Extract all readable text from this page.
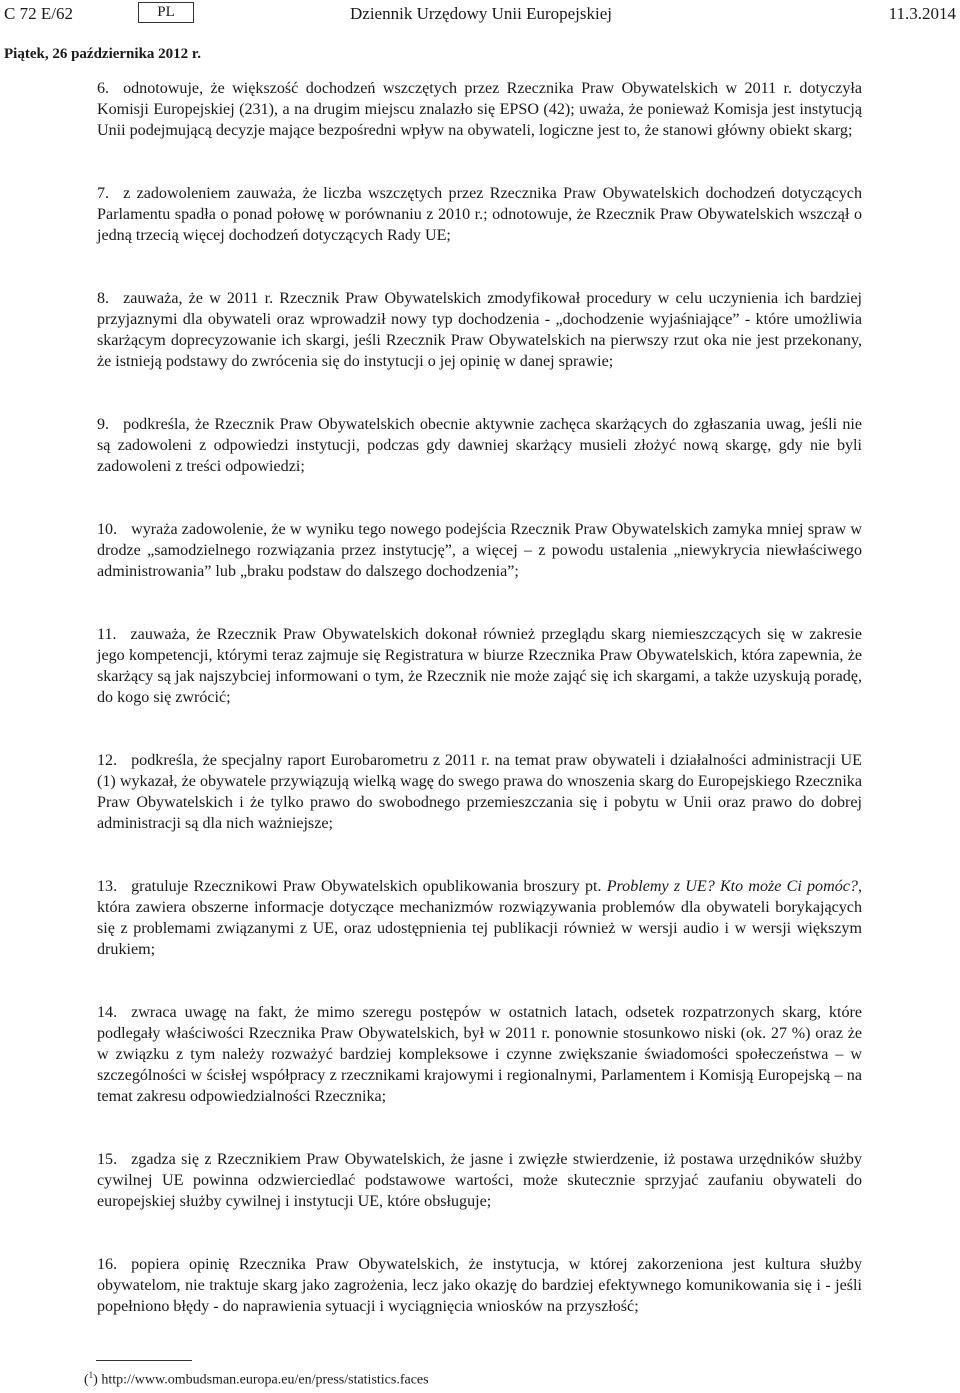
C 72 E/62	PL	Dziennik Urzędowy Unii Europejskiej	11.3.2014
Piątek, 26 października 2012 r.

6. odnotowuje, że większość dochodzeń wszczętych przez Rzecznika Praw Obywatelskich w 2011 r. dotyczyła Komisji Europejskiej (231), a na drugim miejscu znalazło się EPSO (42); uważa, że ponieważ Komisja jest instytucją Unii podejmującą decyzje mające bezpośredni wpływ na obywateli, logiczne jest to, że stanowi główny obiekt skarg;

7. z zadowoleniem zauważa, że liczba wszczętych przez Rzecznika Praw Obywatelskich dochodzeń dotyczących Parlamentu spadła o ponad połowę w porównaniu z 2010 r.; odnotowuje, że Rzecznik Praw Obywatelskich wszczął o jedną trzecią więcej dochodzeń dotyczących Rady UE;

8. zauważa, że w 2011 r. Rzecznik Praw Obywatelskich zmodyfikował procedury w celu uczynienia ich bardziej przyjaznymi dla obywateli oraz wprowadził nowy typ dochodzenia - „dochodzenie wyjaśniające” - które umożliwia skarżącym doprecyzowanie ich skargi, jeśli Rzecznik Praw Obywatelskich na pierwszy rzut oka nie jest przekonany, że istnieją podstawy do zwrócenia się do instytucji o jej opinię w danej sprawie;

9. podkreśla, że Rzecznik Praw Obywatelskich obecnie aktywnie zachęca skarżących do zgłaszania uwag, jeśli nie są zadowoleni z odpowiedzi instytucji, podczas gdy dawniej skarżący musieli złożyć nową skargę, gdy nie byli zadowoleni z treści odpowiedzi;

10. wyraża zadowolenie, że w wyniku tego nowego podejścia Rzecznik Praw Obywatelskich zamyka mniej spraw w drodze „samodzielnego rozwiązania przez instytucję”, a więcej – z powodu ustalenia „niewykrycia niewłaściwego administrowania” lub „braku podstaw do dalszego dochodzenia”;

11. zauważa, że Rzecznik Praw Obywatelskich dokonał również przeglądu skarg niemieszczących się w zakresie jego kompetencji, którymi teraz zajmuje się Registratura w biurze Rzecznika Praw Obywatelskich, która zapewnia, że skarżący są jak najszybciej informowani o tym, że Rzecznik nie może zająć się ich skargami, a także uzyskują poradę, do kogo się zwrócić;

12. podkreśla, że specjalny raport Eurobarometru z 2011 r. na temat praw obywateli i działalności administracji UE (1) wykazał, że obywatele przywiązują wielką wagę do swego prawa do wnoszenia skarg do Europejskiego Rzecznika Praw Obywatelskich i że tylko prawo do swobodnego przemieszczania się i pobytu w Unii oraz prawo do dobrej administracji są dla nich ważniejsze;

13. gratuluje Rzecznikowi Praw Obywatelskich opublikowania broszury pt. Problemy z UE? Kto może Ci pomóc?, która zawiera obszerne informacje dotyczące mechanizmów rozwiązywania problemów dla obywateli borykających się z problemami związanymi z UE, oraz udostępnienia tej publikacji również w wersji audio i w wersji większym drukiem;

14. zwraca uwagę na fakt, że mimo szeregu postępów w ostatnich latach, odsetek rozpatrzonych skarg, które podlegały właściwości Rzecznika Praw Obywatelskich, był w 2011 r. ponownie stosunkowo niski (ok. 27 %) oraz że w związku z tym należy rozważyć bardziej kompleksowe i czynne zwiększanie świadomości społeczeństwa – w szczególności w ścisłej współpracy z rzecznikami krajowymi i regionalnymi, Parlamentem i Komisją Europejską – na temat zakresu odpowiedzialności Rzecznika;

15. zgadza się z Rzecznikiem Praw Obywatelskich, że jasne i zwięzłe stwierdzenie, iż postawa urzędników służby cywilnej UE powinna odzwierciedlać podstawowe wartości, może skutecznie sprzyjać zaufaniu obywateli do europejskiej służby cywilnej i instytucji UE, które obsługuje;

16. popiera opinię Rzecznika Praw Obywatelskich, że instytucja, w której zakorzeniona jest kultura służby obywatelom, nie traktuje skarg jako zagrożenia, lecz jako okazję do bardziej efektywnego komunikowania się i - jeśli popełniono błędy - do naprawienia sytuacji i wyciągnięcia wniosków na przyszłość;

($^1$) http://www.ombudsman.europa.eu/en/press/statistics.faces
